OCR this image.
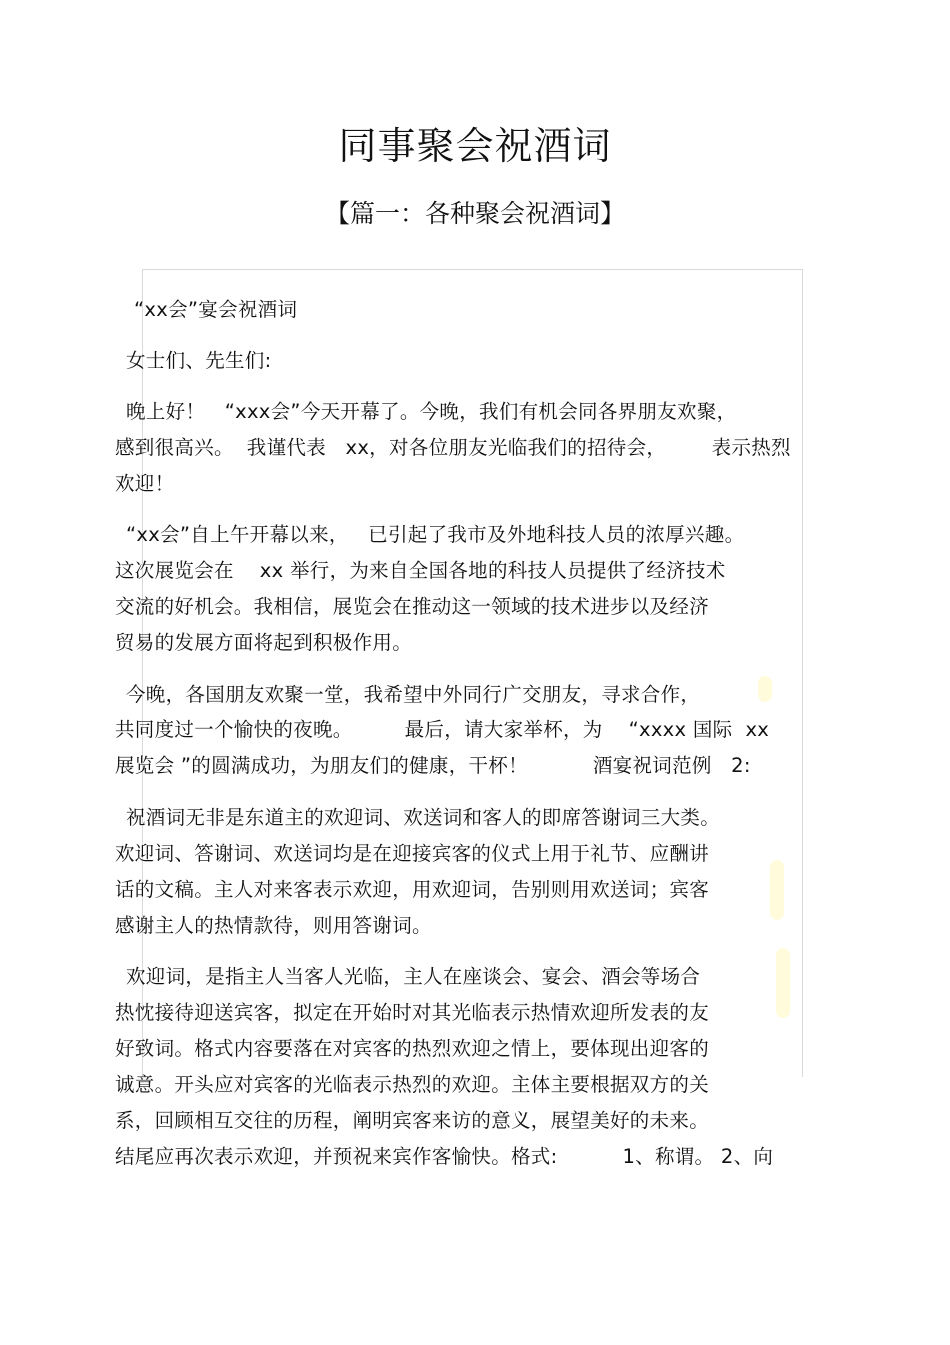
同事聚会祝酒词
【篇一：各种聚会祝酒词】
“xx会”宴会祝酒词
女士们、先生们:
晚上好！   “xxx会”今天开幕了。今晚，我们有机会同各界朋友欢聚，
感到很高兴。  我谨代表   xx，对各位朋友光临我们的招待会，       表示热烈
欢迎！
“xx会”自上午开幕以来，   已引起了我市及外地科技人员的浓厚兴趣。
这次展览会在    xx 举行，为来自全国各地的科技人员提供了经济技术
交流的好机会。我相信，展览会在推动这一领域的技术进步以及经济
贸易的发展方面将起到积极作用。
今晚，各国朋友欢聚一堂，我希望中外同行广交朋友，寻求合作，
共同度过一个愉快的夜晚。        最后，请大家举杯，为    “xxxx 国际  xx
展览会 ”的圆满成功，为朋友们的健康，干杯！          酒宴祝词范例   2:
祝酒词无非是东道主的欢迎词、欢送词和客人的即席答谢词三大类。
欢迎词、答谢词、欢送词均是在迎接宾客的仪式上用于礼节、应酬讲
话的文稿。主人对来客表示欢迎，用欢迎词，告别则用欢送词；宾客
感谢主人的热情款待，则用答谢词。
欢迎词，是指主人当客人光临，主人在座谈会、宴会、酒会等场合
热忱接待迎送宾客，拟定在开始时对其光临表示热情欢迎所发表的友
好致词。格式内容要落在对宾客的热烈欢迎之情上，要体现出迎客的
诚意。开头应对宾客的光临表示热烈的欢迎。主体主要根据双方的关
系，回顾相互交往的历程，阐明宾客来访的意义，展望美好的未来。
结尾应再次表示欢迎，并预祝来宾作客愉快。格式:          1、称谓。 2、向
